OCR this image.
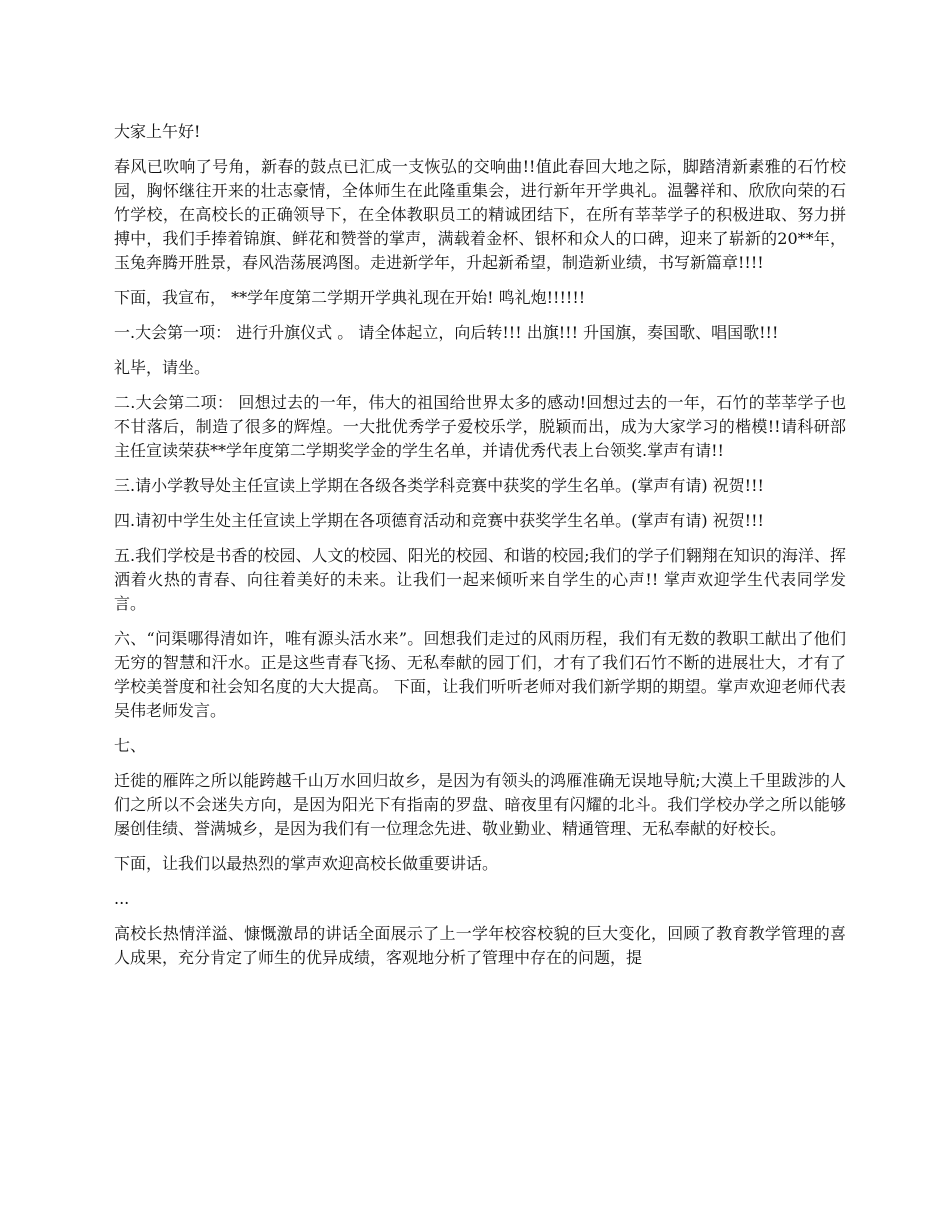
大家上午好!

春风已吹响了号角，新春的鼓点已汇成一支恢弘的交响曲!!值此春回大地之际，脚踏清新素雅的石竹校园，胸怀继往开来的壮志豪情，全体师生在此隆重集会，进行新年开学典礼。温馨祥和、欣欣向荣的石竹学校，在高校长的正确领导下，在全体教职员工的精诚团结下，在所有莘莘学子的积极进取、努力拼搏中，我们手捧着锦旗、鲜花和赞誉的掌声，满载着金杯、银杯和众人的口碑，迎来了崭新的20**年，玉兔奔腾开胜景，春风浩荡展鸿图。走进新学年，升起新希望，制造新业绩，书写新篇章!!!!

下面，我宣布， **学年度第二学期开学典礼现在开始! 鸣礼炮!!!!!!

一.大会第一项： 进行升旗仪式 。 请全体起立，向后转!!! 出旗!!! 升国旗，奏国歌、唱国歌!!!

礼毕，请坐。

二.大会第二项： 回想过去的一年，伟大的祖国给世界太多的感动!回想过去的一年，石竹的莘莘学子也不甘落后，制造了很多的辉煌。一大批优秀学子爱校乐学，脱颖而出，成为大家学习的楷模!!请科研部主任宣读荣获**学年度第二学期奖学金的学生名单，并请优秀代表上台领奖.掌声有请!!

三.请小学教导处主任宣读上学期在各级各类学科竞赛中获奖的学生名单。(掌声有请) 祝贺!!!

四.请初中学生处主任宣读上学期在各项德育活动和竞赛中获奖学生名单。(掌声有请) 祝贺!!!

五.我们学校是书香的校园、人文的校园、阳光的校园、和谐的校园;我们的学子们翱翔在知识的海洋、挥洒着火热的青春、向往着美好的未来。让我们一起来倾听来自学生的心声!! 掌声欢迎学生代表同学发言。

六、“问渠哪得清如许，唯有源头活水来”。回想我们走过的风雨历程，我们有无数的教职工献出了他们无穷的智慧和汗水。正是这些青春飞扬、无私奉献的园丁们，才有了我们石竹不断的进展壮大，才有了学校美誉度和社会知名度的大大提高。 下面，让我们听听老师对我们新学期的期望。掌声欢迎老师代表吴伟老师发言。

七、

迁徙的雁阵之所以能跨越千山万水回归故乡，是因为有领头的鸿雁准确无误地导航;大漠上千里跋涉的人们之所以不会迷失方向，是因为阳光下有指南的罗盘、暗夜里有闪耀的北斗。我们学校办学之所以能够屡创佳绩、誉满城乡，是因为我们有一位理念先进、敬业勤业、精通管理、无私奉献的好校长。

下面，让我们以最热烈的掌声欢迎高校长做重要讲话。

...

高校长热情洋溢、慷慨激昂的讲话全面展示了上一学年校容校貌的巨大变化，回顾了教育教学管理的喜人成果，充分肯定了师生的优异成绩，客观地分析了管理中存在的问题，提
